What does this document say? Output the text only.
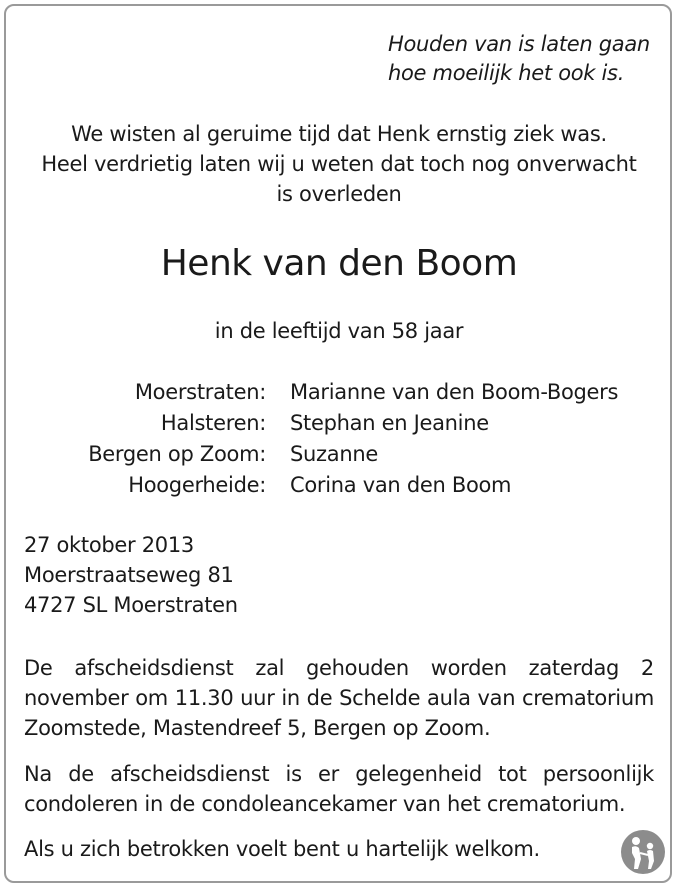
Houden van is laten gaan
hoe moeilijk het ook is.
We wisten al geruime tijd dat Henk ernstig ziek was.
Heel verdrietig laten wij u weten dat toch nog onverwacht
is overleden
Henk van den Boom
in de leeftijd van 58 jaar
Moerstraten: Marianne van den Boom-Bogers
Halsteren: Stephan en Jeanine
Bergen op Zoom: Suzanne
Hoogerheide: Corina van den Boom
27 oktober 2013
Moerstraatseweg 81
4727 SL Moerstraten
De afscheidsdienst zal gehouden worden zaterdag 2 november om 11.30 uur in de Schelde aula van crematorium Zoomstede, Mastendreef 5, Bergen op Zoom.
Na de afscheidsdienst is er gelegenheid tot persoonlijk condoleren in de condoleancekamer van het crematorium.
Als u zich betrokken voelt bent u hartelijk welkom.
